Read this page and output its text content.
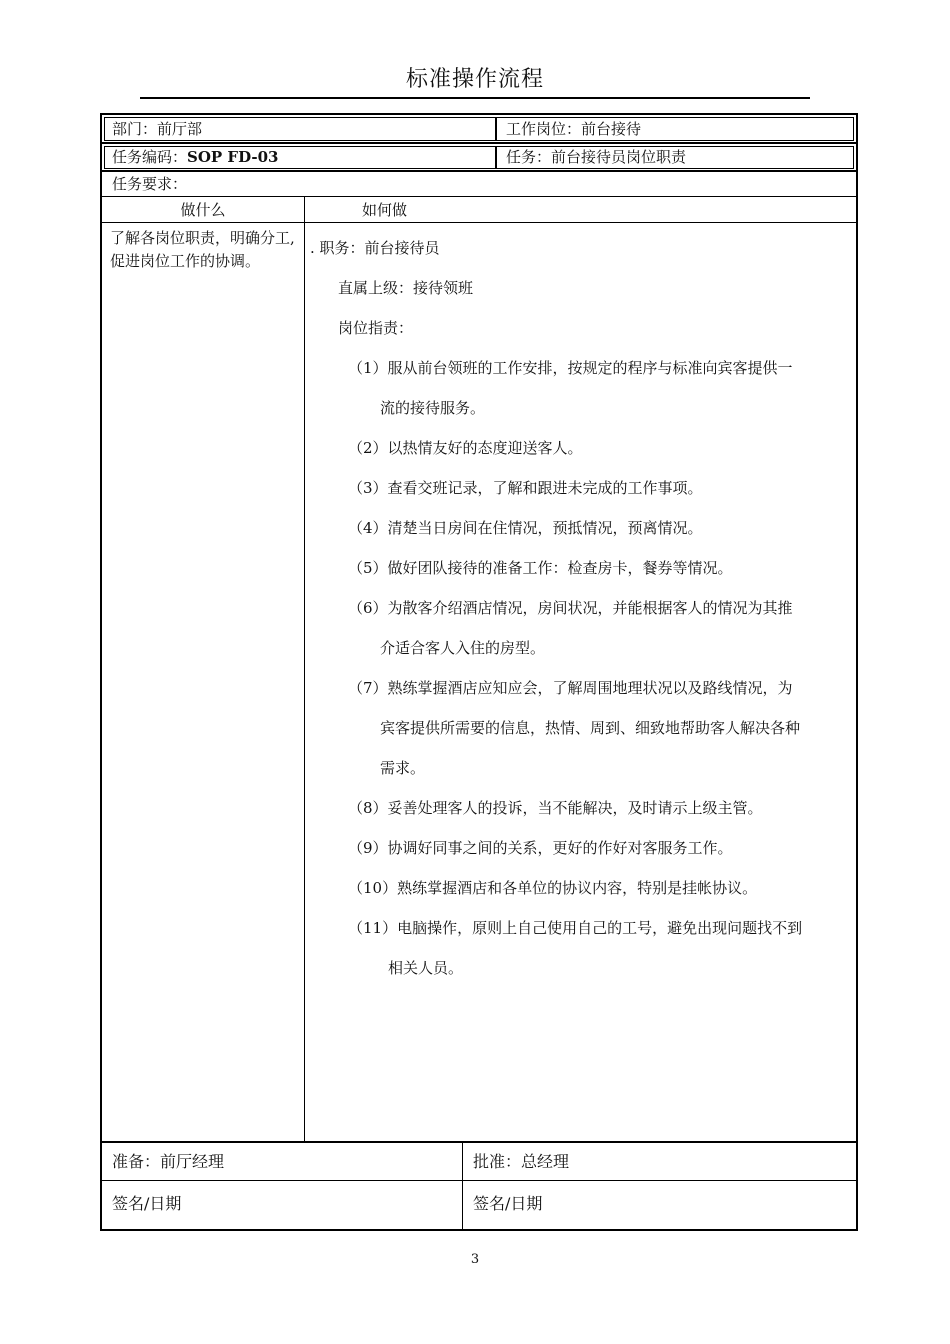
标准操作流程
部门：前厅部	工作岗位：前台接待
任务编码：SOP FD-03	任务：前台接待员岗位职责
任务要求：
做什么	如何做
了解各岗位职责，明确分工,促进岗位工作的协调。
. 职务：前台接待员
直属上级：接待领班
岗位指责：
（1）服从前台领班的工作安排，按规定的程序与标准向宾客提供一
流的接待服务。
（2）以热情友好的态度迎送客人。
（3）查看交班记录，了解和跟进未完成的工作事项。
（4）清楚当日房间在住情况，预抵情况，预离情况。
（5）做好团队接待的准备工作：检查房卡，餐券等情况。
（6）为散客介绍酒店情况，房间状况，并能根据客人的情况为其推
介适合客人入住的房型。
（7）熟练掌握酒店应知应会，了解周围地理状况以及路线情况，为
宾客提供所需要的信息，热情、周到、细致地帮助客人解决各种
需求。
（8）妥善处理客人的投诉，当不能解决，及时请示上级主管。
（9）协调好同事之间的关系，更好的作好对客服务工作。
（10）熟练掌握酒店和各单位的协议内容，特别是挂帐协议。
（11）电脑操作，原则上自己使用自己的工号，避免出现问题找不到
相关人员。
准备：前厅经理	批准：总经理
签名/日期	签名/日期
3
